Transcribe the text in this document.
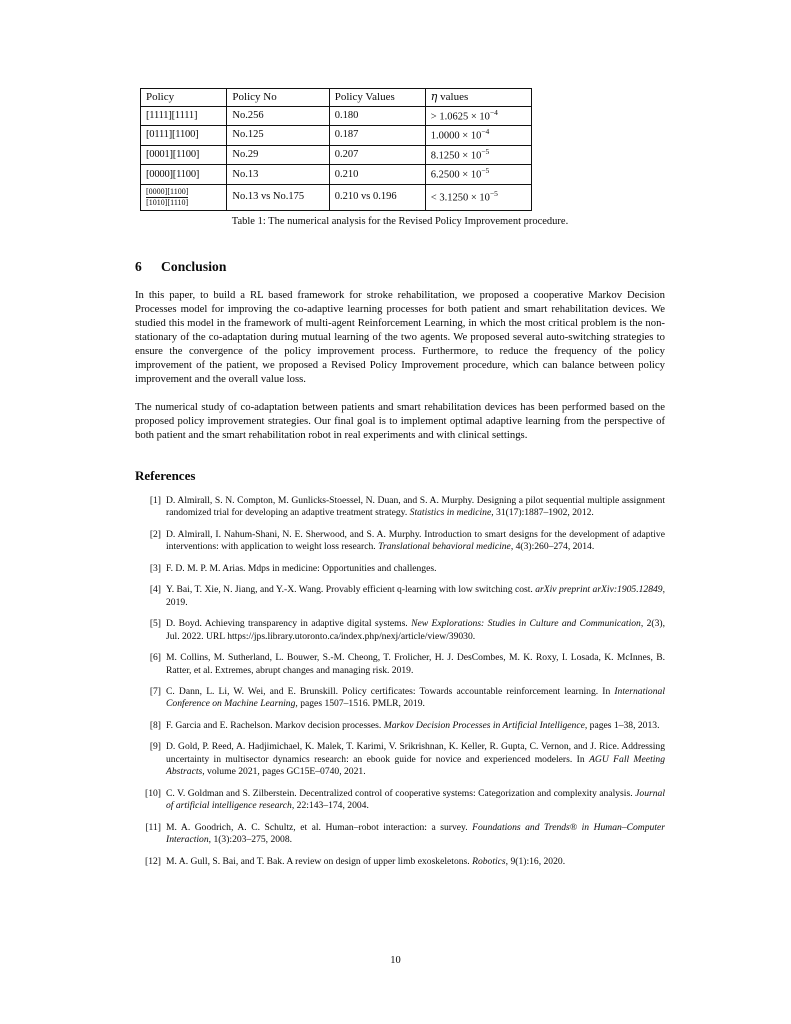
Policy	Policy No	Policy Values	η values
[1111][1111]	No.256	0.180	> $1.0625 \times 10^{-4}$
[0111][1100]	No.125	0.187	$1.0000 \times 10^{-4}$
[0001][1100]	No.29	0.207	$8.1250 \times 10^{-5}$
[0000][1100]	No.13	0.210	$6.2500 \times 10^{-5}$

$\frac{[0000][1100]}{[1010][1110]}$	No.13 vs No.175	0.210 vs 0.196	< $3.1250 \times 10^{-5}$
Table 1: The numerical analysis for the Revised Policy Improvement procedure.
6 Conclusion

In this paper, to build a RL based framework for stroke rehabilitation, we proposed a cooperative Markov Decision Processes model for improving the co-adaptive learning processes for both patient and smart rehabilitation devices. We studied this model in the framework of multi-agent Reinforcement Learning, in which the most critical problem is the non-stationary of the co-adaptation during mutual learning of the two agents. We proposed several auto-switching strategies to ensure the convergence of the policy improvement process. Furthermore, to reduce the frequency of the policy improvement of the patient, we proposed a Revised Policy Improvement procedure, which can balance between policy improvement and the overall value loss.

The numerical study of co-adaptation between patients and smart rehabilitation devices has been performed based on the proposed policy improvement strategies. Our final goal is to implement optimal adaptive learning from the perspective of both patient and the smart rehabilitation robot in real experiments and with clinical settings.

References
[1] D. Almirall, S. N. Compton, M. Gunlicks-Stoessel, N. Duan, and S. A. Murphy. Designing a pilot sequential multiple assignment randomized trial for developing an adaptive treatment strategy. Statistics in medicine, 31(17):1887–1902, 2012.
[2] D. Almirall, I. Nahum-Shani, N. E. Sherwood, and S. A. Murphy. Introduction to smart designs for the development of adaptive interventions: with application to weight loss research. Translational behavioral medicine, 4(3):260–274, 2014.
[3] F. D. M. P. M. Arias. Mdps in medicine: Opportunities and challenges.
[4] Y. Bai, T. Xie, N. Jiang, and Y.-X. Wang. Provably efficient q-learning with low switching cost. arXiv preprint arXiv:1905.12849, 2019.
[5] D. Boyd. Achieving transparency in adaptive digital systems. New Explorations: Studies in Culture and Communication, 2(3), Jul. 2022. URL https://jps.library.utoronto.ca/index.php/nexj/article/view/39030.
[6] M. Collins, M. Sutherland, L. Bouwer, S.-M. Cheong, T. Frolicher, H. J. DesCombes, M. K. Roxy, I. Losada, K. McInnes, B. Ratter, et al. Extremes, abrupt changes and managing risk. 2019.
[7] C. Dann, L. Li, W. Wei, and E. Brunskill. Policy certificates: Towards accountable reinforcement learning. In International Conference on Machine Learning, pages 1507–1516. PMLR, 2019.
[8] F. Garcia and E. Rachelson. Markov decision processes. Markov Decision Processes in Artificial Intelligence, pages 1–38, 2013.
[9] D. Gold, P. Reed, A. Hadjimichael, K. Malek, T. Karimi, V. Srikrishnan, K. Keller, R. Gupta, C. Vernon, and J. Rice. Addressing uncertainty in multisector dynamics research: an ebook guide for novice and experienced modelers. In AGU Fall Meeting Abstracts, volume 2021, pages GC15E–0740, 2021.
[10] C. V. Goldman and S. Zilberstein. Decentralized control of cooperative systems: Categorization and complexity analysis. Journal of artificial intelligence research, 22:143–174, 2004.
[11] M. A. Goodrich, A. C. Schultz, et al. Human–robot interaction: a survey. Foundations and Trends® in Human–Computer Interaction, 1(3):203–275, 2008.
[12] M. A. Gull, S. Bai, and T. Bak. A review on design of upper limb exoskeletons. Robotics, 9(1):16, 2020.
10
